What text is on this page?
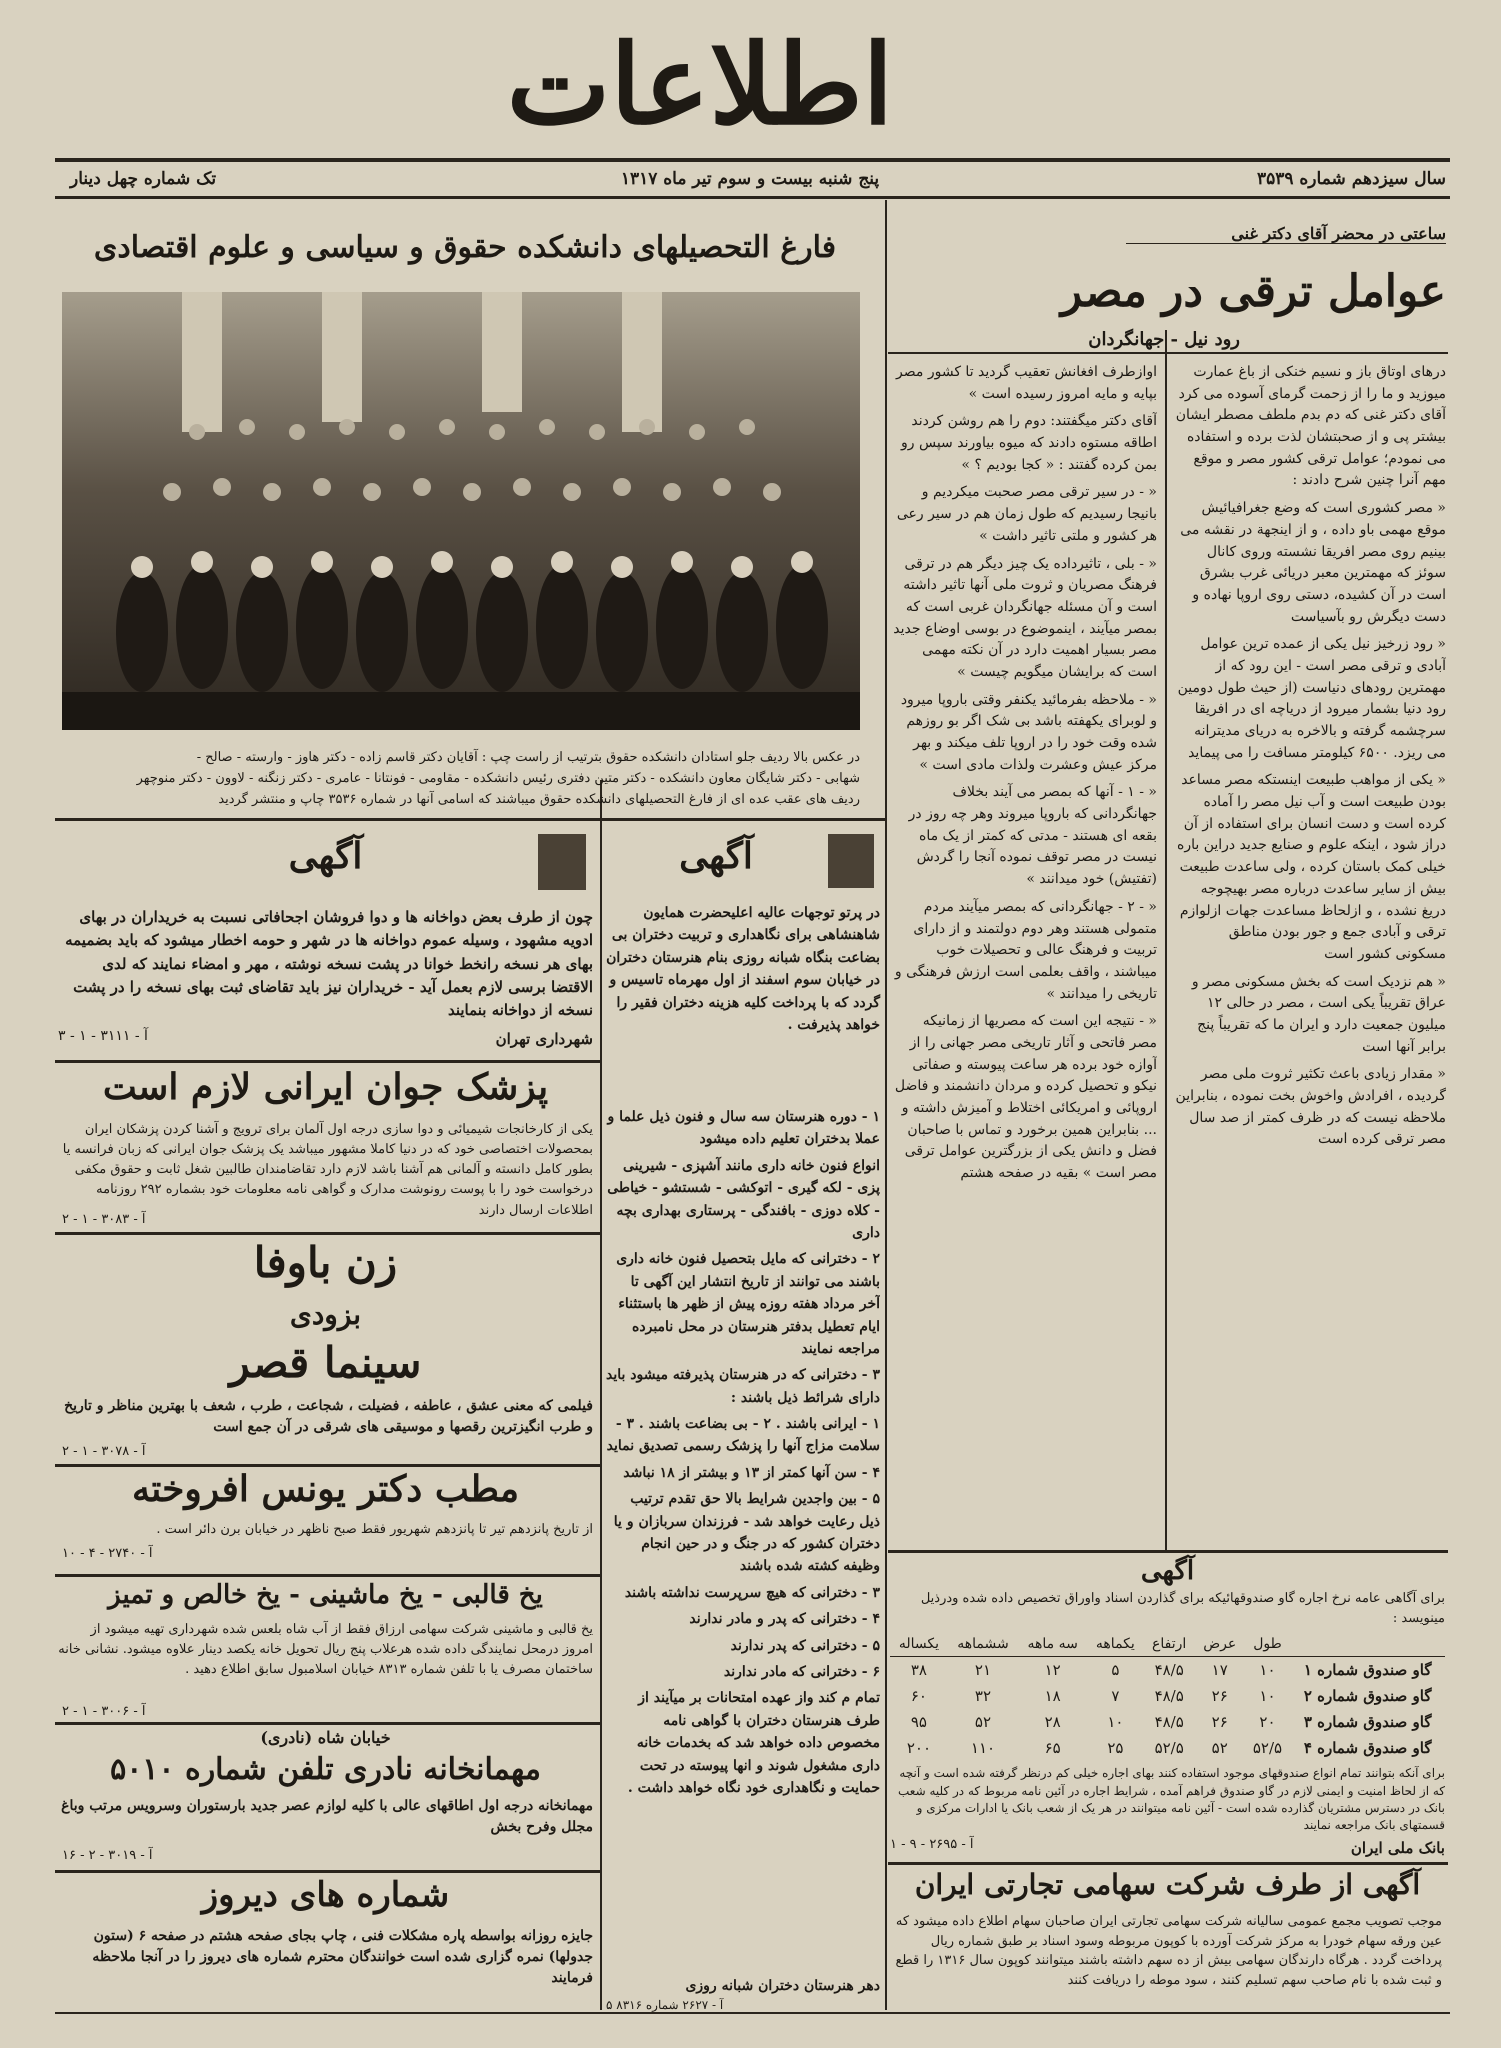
اطلاعات
سال سیزدهم شماره ۳۵۳۹
پنج شنبه بیست و سوم تیر ماه ۱۳۱۷
تک شماره چهل دینار
فارغ التحصیلهای دانشکده حقوق و سیاسی و علوم اقتصادی
در عکس بالا ردیف جلو استادان دانشکده حقوق بترتیب از راست چپ : آقایان دکتر قاسم زاده - دکتر هاوز - وارسته - صالح -
شهابی - دکتر شایگان معاون دانشکده - دکتر متین دفتری رئیس دانشکده - مقاومی - فونتانا - عامری - دکتر زنگنه - لاوون - دکتر منوچهر
ردیف های عقب عده ای از فارغ التحصیلهای دانشکده حقوق میباشند که اسامی آنها در شماره ۳۵۳۶ چاپ و منتشر گردید
ساعتی در محضر آقای دکتر غنی
عوامل ترقی در مصر
رود نیل - جهانگردان

درهای اوتاق باز و نسیم خنکی از باغ عمارت میوزید و ما را از زحمت گرمای آسوده می کرد آقای دکتر غنی که دم بدم ملطف مصطر ایشان بیشتر پی و از صحبتشان لذت برده و استفاده می نمودم؛ عوامل ترقی کشور مصر و موقع مهم آنرا چنین شرح دادند :

« مصر کشوری است که وضع جغرافیائیش موقع مهمی باو داده ، و از اینجهة در نقشه می بینیم روی مصر افریقا نشسته وروی کانال سوئز که مهمترین معبر دریائی غرب بشرق است در آن کشیده، دستی روی اروپا نهاده و دست دیگرش رو بآسیاست

« رود زرخیز نیل یکی از عمده ترین عوامل آبادی و ترقی مصر است - این رود که از مهمترین رودهای دنیاست (از حیث طول دومین رود دنیا بشمار میرود از دریاچه ای در افریقا سرچشمه گرفته و بالاخره به دریای مدیترانه می ریزد. ۶۵۰۰ کیلومتر مسافت را می پیماید

« یکی از مواهب طبیعت اینستکه مصر مساعد بودن طبیعت است و آب نیل مصر را آماده کرده است و دست انسان برای استفاده از آن دراز شود ، اینکه علوم و صنایع جدید دراین باره خیلی کمک باستان کرده ، ولی ساعدت طبیعت بیش از سایر ساعدت درباره مصر بهیچوجه دریغ نشده ، و ازلحاظ مساعدت جهات ازلوازم ترقی و آبادی جمع و جور بودن مناطق مسکونی کشور است

« هم نزدیک است که بخش مسکونی مصر و عراق تقریباً یکی است ، مصر در حالی ۱۲ میلیون جمعیت دارد و ایران ما که تقریباً پنج برابر آنها است

« مقدار زیادی باعث تکثیر ثروت ملی مصر گردیده ، افرادش واخوش بخت نموده ، بنابراین ملاحظه نیست که در ظرف کمتر از صد سال مصر ترقی کرده است

اوازطرف افغانش تعقیب گردید تا کشور مصر بپایه و مایه امروز رسیده است »

آقای دکتر میگفتند: دوم را هم روشن کردند اطاقه مستوه دادند که میوه بیاورند سپس رو بمن کرده گفتند : « کجا بودیم ؟ »

« - در سیر ترقی مصر صحبت میکردیم و بانیجا رسیدیم که طول زمان هم در سیر رعی هر کشور و ملتی تاثیر داشت »

« - بلی ، تاثیرداده یک چیز دیگر هم در ترقی فرهنگ مصریان و ثروت ملی آنها تاثیر داشته است و آن مسئله جهانگردان غربی است که بمصر میآیند ، اینموضوع در بوسی اوضاع جدید مصر بسیار اهمیت دارد در آن نکته مهمی است که برایشان میگویم چیست »

« - ملاحظه بفرمائید یکنفر وقتی باروپا میرود و لوبرای یکهفته باشد بی شک اگر بو روزهم شده وقت خود را در اروپا تلف میکند و بهر مرکز عیش وعشرت ولذات مادی است »

« - ۱ - آنها که بمصر می آیند بخلاف جهانگردانی که باروپا میروند وهر چه روز در بقعه ای هستند - مدتی که کمتر از یک ماه نیست در مصر توقف نموده آنجا را گردش (تفتیش) خود میدانند »

« - ۲ - جهانگردانی که بمصر میآیند مردم متمولی هستند وهر دوم دولتمند و از دارای تربیت و فرهنگ عالی و تحصیلات خوب میباشند ، واقف بعلمی است ارزش فرهنگی و تاریخی را میدانند »

« - نتیجه این است که مصریها از زمانیکه مصر فاتحی و آثار تاریخی مصر جهانی را از آوازه خود برده هر ساعت پیوسته و صفاتی نیکو و تحصیل کرده و مردان دانشمند و فاضل اروپائی و امریکائی اختلاط و آمیزش داشته و ... بنابراین همین برخورد و تماس با صاحبان فضل و دانش یکی از بزرگترین عوامل ترقی مصر است » بقیه در صفحه هشتم

آگهی
برای آگاهی عامه نرخ اجاره گاو صندوقهائیکه برای گذاردن اسناد واوراق تخصیص داده شده ودرذیل مینویسد :
	طول	عرض	ارتفاع	یکماهه	سه ماهه	ششماهه	یکساله
گاو صندوق شماره ۱	۱۰	۱۷	۴۸/۵	۵	۱۲	۲۱	۳۸
گاو صندوق شماره ۲	۱۰	۲۶	۴۸/۵	۷	۱۸	۳۲	۶۰
گاو صندوق شماره ۳	۲۰	۲۶	۴۸/۵	۱۰	۲۸	۵۲	۹۵
گاو صندوق شماره ۴	۵۲/۵	۵۲	۵۲/۵	۲۵	۶۵	۱۱۰	۲۰۰
برای آنکه بتوانند تمام انواع صندوقهای موجود استفاده کنند بهای اجاره خیلی کم درنظر گرفته شده است و آنچه که از لحاظ امنیت و ایمنی لازم در گاو صندوق فراهم آمده ، شرایط اجاره در آئین نامه مربوط که در کلیه شعب بانک در دسترس مشتریان گذارده شده است - آئین نامه میتوانند در هر یک از شعب بانک یا ادارات مرکزی و قسمتهای بانک مراجعه نمایند
بانک ملی ایران
آ - ۲۶۹۵ - ۹ - ۱
آگهی از طرف شرکت سهامی تجارتی ایران
موجب تصویب مجمع عمومی سالیانه شرکت سهامی تجارتی ایران صاحبان سهام اطلاع داده میشود که عین ورقه سهام خودرا به مرکز شرکت آورده با کوپون مربوطه وسود اسناد بر طبق شماره ریال پرداخت گردد . هرگاه دارندگان سهامی بیش از ده سهم داشته باشند میتوانند کوپون سال ۱۳۱۶ را قطع و ثبت شده با نام صاحب سهم تسلیم کنند ، سود موطه را دریافت کنند
آگهی
چون از طرف بعض دواخانه ها و دوا فروشان اجحافاتی نسبت به خریداران در بهای ادویه مشهود ، وسیله عموم دواخانه ها در شهر و حومه اخطار میشود که باید بضمیمه بهای هر نسخه رانخط خوانا در پشت نسخه نوشته ، مهر و امضاء نمایند که لدی الاقتضا برسی لازم بعمل آید - خریداران نیز باید تقاضای ثبت بهای نسخه را در پشت نسخه از دواخانه بنمایند
شهرداری تهران
آ - ۳۱۱۱ - ۱ - ۳
پزشک جوان ایرانی لازم است
یکی از کارخانجات شیمیائی و دوا سازی درجه اول آلمان برای ترویج و آشنا کردن پزشکان ایران بمحصولات اختصاصی خود که در دنیا کاملا مشهور میباشد یک پزشک جوان ایرانی که زبان فرانسه یا بطور کامل دانسته و آلمانی هم آشنا باشد لازم دارد تقاضامندان طالبین شغل ثابت و حقوق مکفی درخواست خود را با پوست رونوشت مدارک و گواهی نامه معلومات خود بشماره ۲۹۲ روزنامه اطلاعات ارسال دارند
آ - ۳۰۸۳ - ۱ - ۲
زن باوفا
بزودی
سینما قصر
فیلمی که معنی عشق ، عاطفه ، فضیلت ، شجاعت ، طرب ، شعف با بهترین مناظر و تاریخ و طرب انگیزترین رقصها و موسیقی های شرقی در آن جمع است
آ - ۳۰۷۸ - ۱ - ۲
مطب دکتر یونس افروخته
از تاریخ پانزدهم تیر تا پانزدهم شهریور فقط صبح ناظهر در خیابان برن دائر است .
آ - ۲۷۴۰ - ۴ - ۱۰
یخ قالبی - یخ ماشینی - یخ خالص و تمیز
یخ قالبی و ماشینی شرکت سهامی ارزاق فقط از آب شاه بلعس شده شهرداری تهیه میشود از امروز درمحل نمایندگی داده شده هرعلاب پنج ریال تحویل خانه یکصد دینار علاوه میشود. نشانی خانه ساختمان مصرف یا با تلفن شماره ۸۳۱۳ خیابان اسلامبول سابق اطلاع دهید .
آ - ۳۰۰۶ - ۱ - ۲
خیابان شاه (نادری)
مهمانخانه نادری تلفن شماره ۵۰۱۰
مهمانخانه درجه اول اطاقهای عالی با کلیه لوازم عصر جدید بارستوران وسرویس مرتب وباغ مجلل وفرح بخش
آ - ۳۰۱۹ - ۲ - ۱۶
شماره های دیروز
جایزه روزانه بواسطه پاره مشکلات فنی ، چاپ بجای صفحه هشتم در صفحه ۶ (ستون جدولها) نمره گزاری شده است خوانندگان محترم شماره های دیروز را در آنجا ملاحظه فرمایند
آگهی
در پرتو توجهات عالیه اعلیحضرت همایون شاهنشاهی برای نگاهداری و تربیت دختران بی بضاعت بنگاه شبانه روزی بنام هنرستان دختران در خیابان سوم اسفند از اول مهرماه تاسیس و گردد که با پرداخت کلیه هزینه دختران فقیر را خواهد پذیرفت .

۱ - دوره هنرستان سه سال و فنون ذیل علما و عملا بدختران تعلیم داده میشود

انواع فنون خانه داری مانند آشپزی - شیرینی پزی - لکه گیری - اتوکشی - شستشو - خیاطی - کلاه دوزی - بافندگی - پرستاری بهداری بچه داری

۲ - دخترانی که مایل بتحصیل فنون خانه داری باشند می توانند از تاریخ انتشار این آگهی تا آخر مرداد هفته روزه پیش از ظهر ها باستثناء ایام تعطیل بدفتر هنرستان در محل نامبرده مراجعه نمایند

۳ - دخترانی که در هنرستان پذیرفته میشود باید دارای شرائط ذیل باشند :

۱ - ایرانی باشند . ۲ - بی بضاعت باشند . ۳ - سلامت مزاج آنها را پزشک رسمی تصدیق نماید

۴ - سن آنها کمتر از ۱۳ و بیشتر از ۱۸ نباشد

۵ - بین واجدین شرایط بالا حق تقدم ترتیب ذیل رعایت خواهد شد - فرزندان سربازان و یا دختران کشور که در جنگ و در حین انجام وظیفه کشته شده باشند

۳ - دخترانی که هیچ سرپرست نداشته باشند

۴ - دخترانی که پدر و مادر ندارند

۵ - دخترانی که پدر ندارند

۶ - دخترانی که مادر ندارند

تمام م کند واز عهده امتحانات بر میآیند از طرف هنرستان دختران با گواهی نامه مخصوص داده خواهد شد که بخدمات خانه داری مشغول شوند و انها پیوسته در تحت حمایت و نگاهداری خود نگاه خواهد داشت .

دهر هنرستان دختران شبانه روزی
آ - ۲۶۲۷ شماره ۸۳۱۶ ۵
